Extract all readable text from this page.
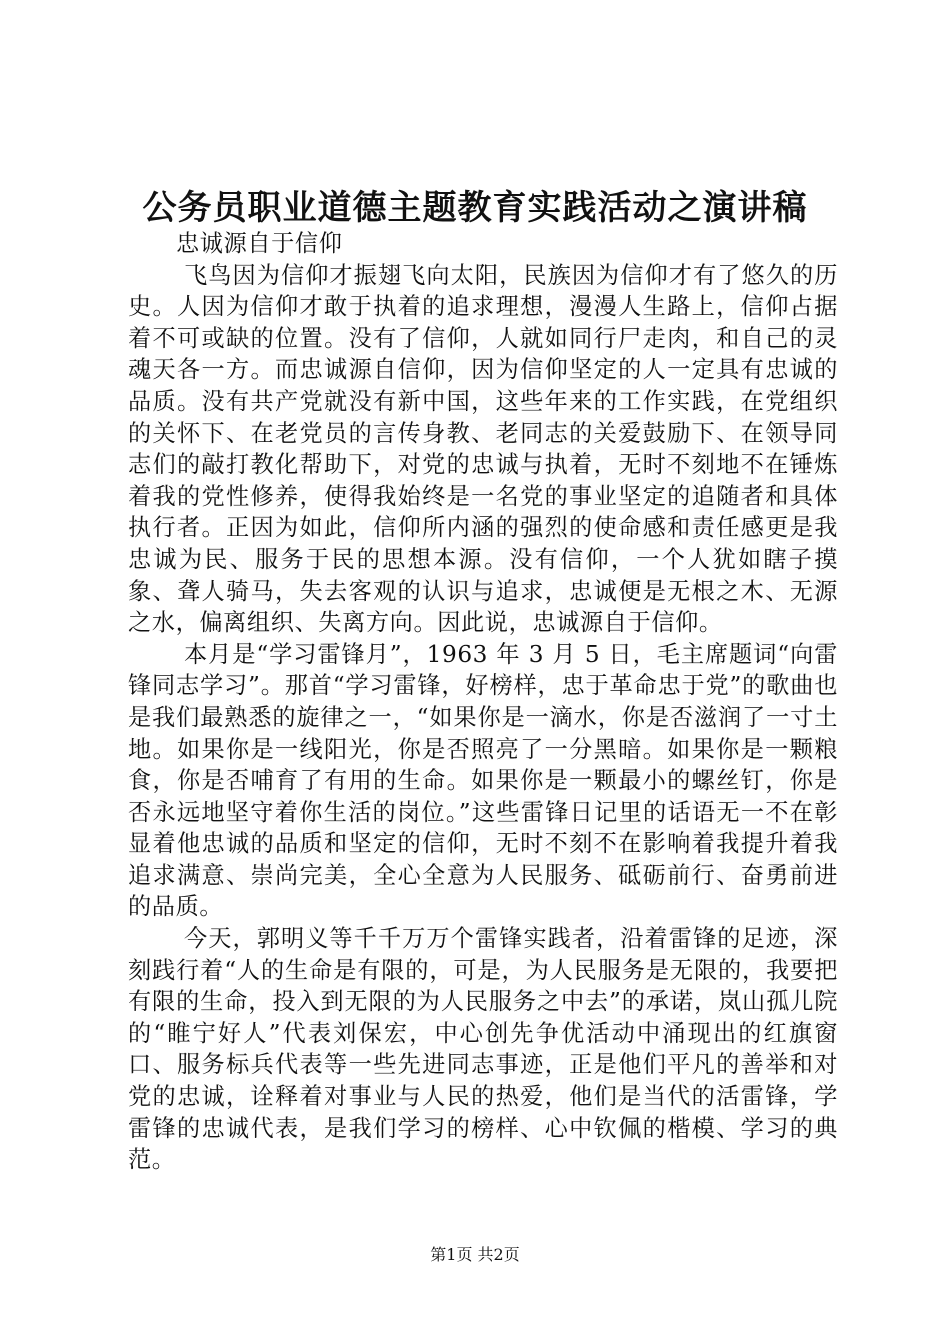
公务员职业道德主题教育实践活动之演讲稿

忠诚源自于信仰

飞鸟因为信仰才振翅飞向太阳，民族因为信仰才有了悠久的历史。人因为信仰才敢于执着的追求理想，漫漫人生路上，信仰占据着不可或缺的位置。没有了信仰，人就如同行尸走肉，和自己的灵魂天各一方。而忠诚源自信仰，因为信仰坚定的人一定具有忠诚的品质。没有共产党就没有新中国，这些年来的工作实践，在党组织的关怀下、在老党员的言传身教、老同志的关爱鼓励下、在领导同志们的敲打教化帮助下，对党的忠诚与执着，无时不刻地不在锤炼着我的党性修养，使得我始终是一名党的事业坚定的追随者和具体执行者。正因为如此，信仰所内涵的强烈的使命感和责任感更是我忠诚为民、服务于民的思想本源。没有信仰，一个人犹如瞎子摸象、聋人骑马，失去客观的认识与追求，忠诚便是无根之木、无源之水，偏离组织、失离方向。因此说，忠诚源自于信仰。

本月是“学习雷锋月”，1963 年 3 月 5 日，毛主席题词“向雷锋同志学习”。那首“学习雷锋，好榜样，忠于革命忠于党”的歌曲也是我们最熟悉的旋律之一，“如果你是一滴水，你是否滋润了一寸土地。如果你是一线阳光，你是否照亮了一分黑暗。如果你是一颗粮食，你是否哺育了有用的生命。如果你是一颗最小的螺丝钉，你是否永远地坚守着你生活的岗位。”这些雷锋日记里的话语无一不在彰显着他忠诚的品质和坚定的信仰，无时不刻不在影响着我提升着我追求满意、崇尚完美，全心全意为人民服务、砥砺前行、奋勇前进的品质。

今天，郭明义等千千万万个雷锋实践者，沿着雷锋的足迹，深刻践行着“人的生命是有限的，可是，为人民服务是无限的，我要把有限的生命，投入到无限的为人民服务之中去”的承诺，岚山孤儿院的“睢宁好人”代表刘保宏，中心创先争优活动中涌现出的红旗窗口、服务标兵代表等一些先进同志事迹，正是他们平凡的善举和对党的忠诚，诠释着对事业与人民的热爱，他们是当代的活雷锋，学雷锋的忠诚代表，是我们学习的榜样、心中钦佩的楷模、学习的典范。

第1页 共2页
